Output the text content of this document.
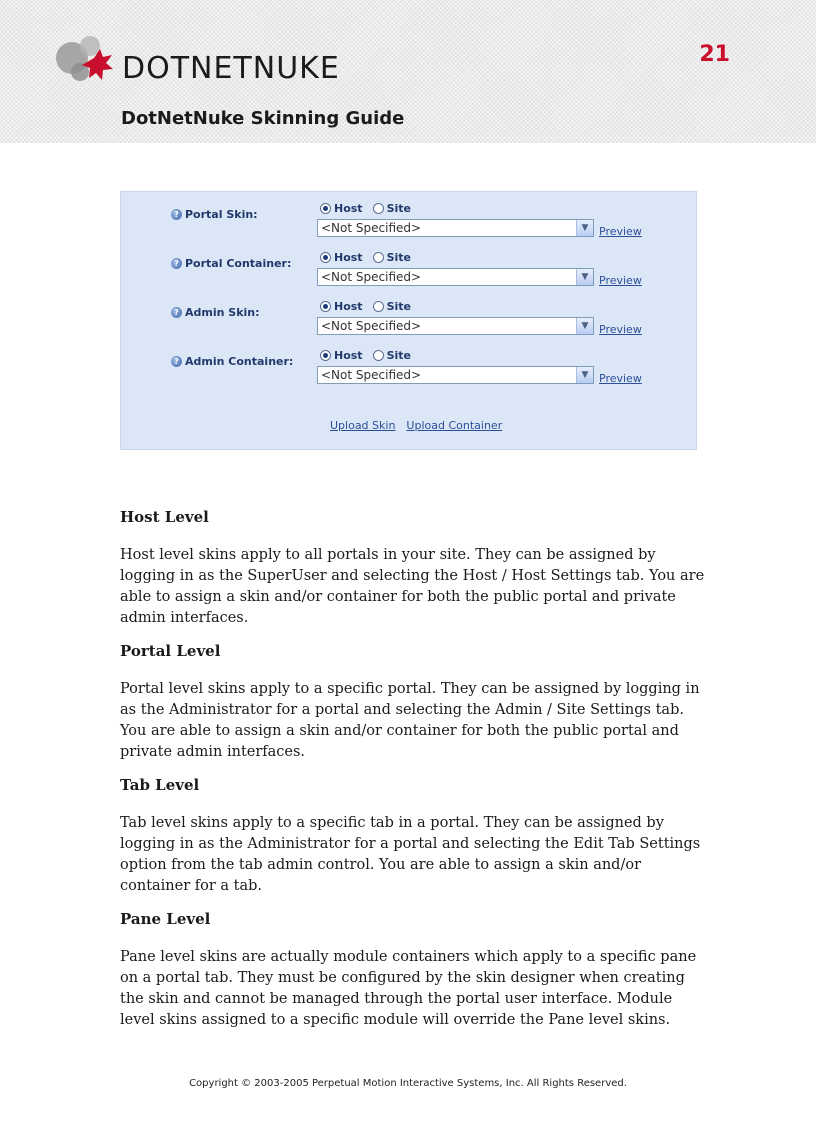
DOTNETNUKE	21
DotNetNuke Skinning Guide
? Portal Skin:	Host Site
<Not Specified>	▼ Preview
? Portal Container:	Host Site
<Not Specified>	▼ Preview
? Admin Skin:	Host Site
<Not Specified>	▼ Preview
? Admin Container:	Host Site
<Not Specified>	▼ Preview
Upload Skin Upload Container
Host Level

Host level skins apply to all portals in your site. They can be assigned by logging in as the SuperUser and selecting the Host / Host Settings tab. You are able to assign a skin and/or container for both the public portal and private admin interfaces.

Portal Level

Portal level skins apply to a specific portal. They can be assigned by logging in as the Administrator for a portal and selecting the Admin / Site Settings tab. You are able to assign a skin and/or container for both the public portal and private admin interfaces.

Tab Level

Tab level skins apply to a specific tab in a portal. They can be assigned by logging in as the Administrator for a portal and selecting the Edit Tab Settings option from the tab admin control. You are able to assign a skin and/or container for a tab.

Pane Level

Pane level skins are actually module containers which apply to a specific pane on a portal tab. They must be configured by the skin designer when creating the skin and cannot be managed through the portal user interface. Module level skins assigned to a specific module will override the Pane level skins.

Copyright © 2003-2005 Perpetual Motion Interactive Systems, Inc. All Rights Reserved.
